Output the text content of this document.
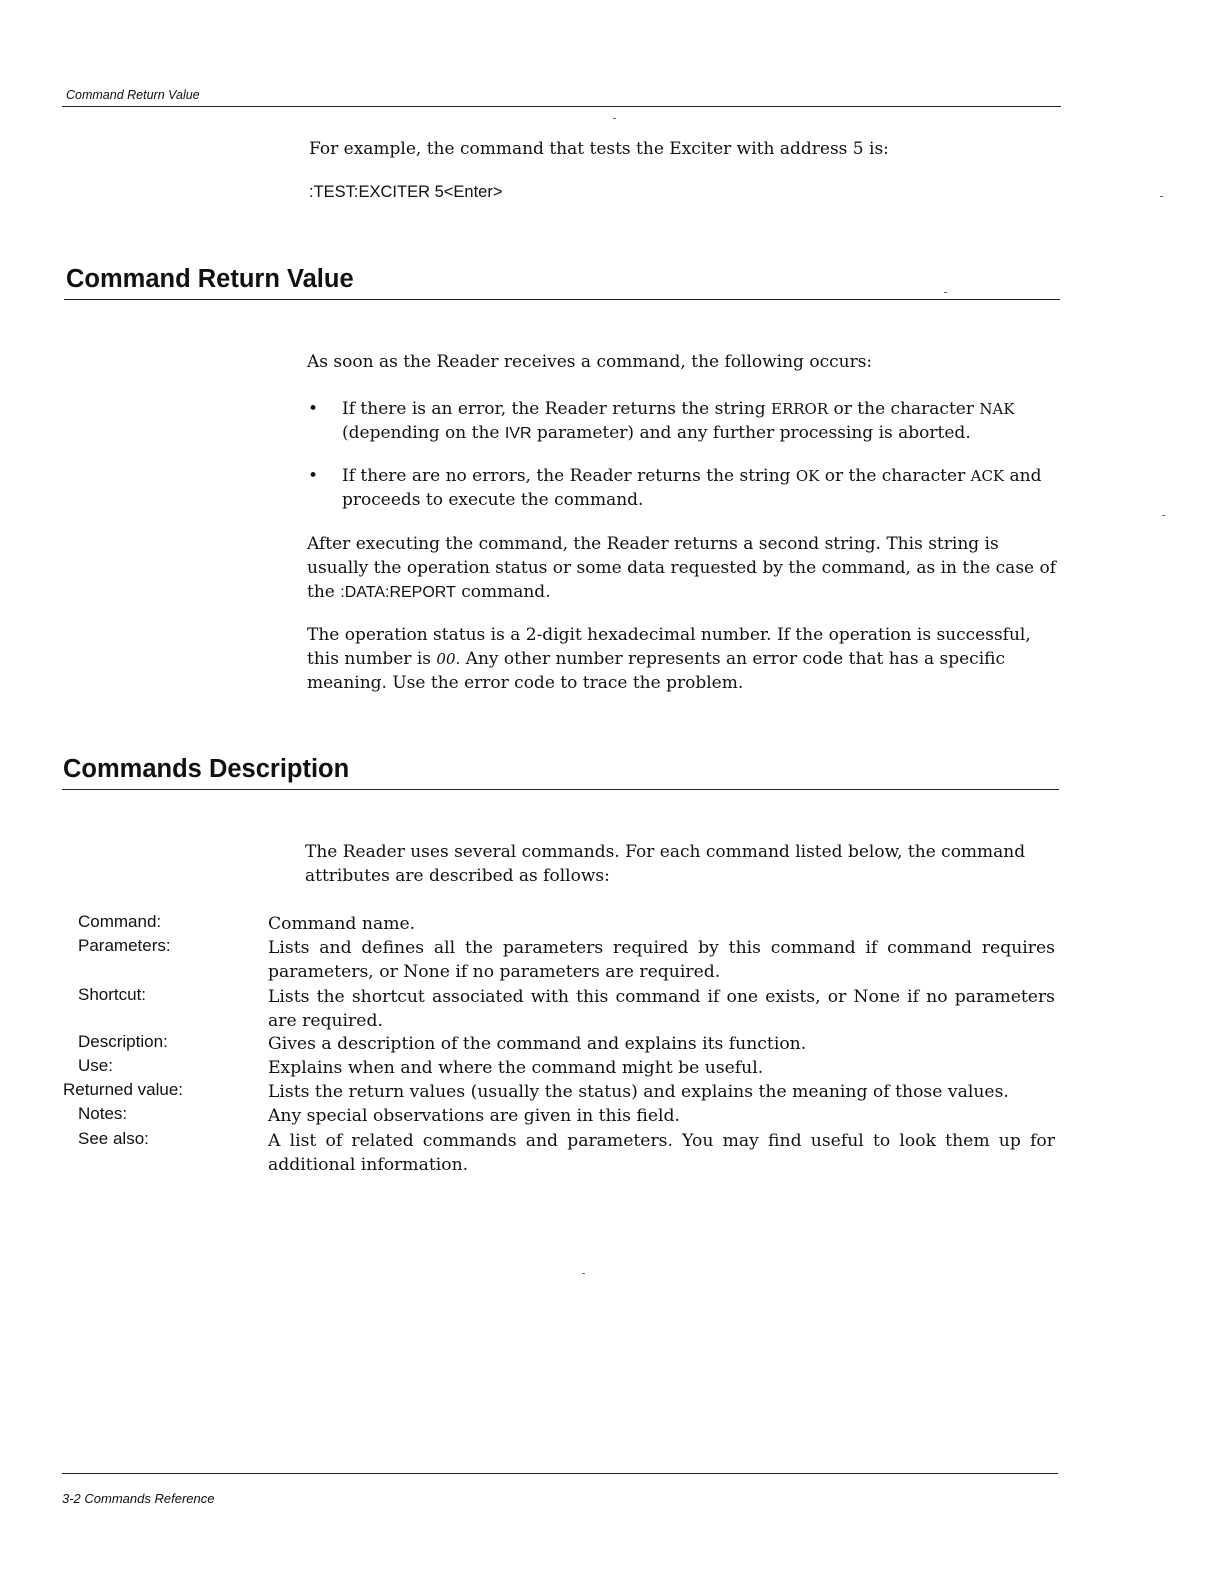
Command Return Value

For example, the command that tests the Exciter with address 5 is:

:TEST:EXCITER 5<Enter>
Command Return Value

As soon as the Reader receives a command, the following occurs:

• If there is an error, the Reader returns the string ERROR or the character NAK
(depending on the IVR parameter) and any further processing is aborted.
• If there are no errors, the Reader returns the string OK or the character ACK and
proceeds to execute the command.
After executing the command, the Reader returns a second string. This string is
usually the operation status or some data requested by the command, as in the case of
the :DATA:REPORT command.
The operation status is a 2-digit hexadecimal number. If the operation is successful,
this number is 00. Any other number represents an error code that has a specific
meaning. Use the error code to trace the problem.
Commands Description
The Reader uses several commands. For each command listed below, the command
attributes are described as follows:
Command:	Command name.
Parameters:	Lists and defines all the parameters required by this command if command requires parameters, or None if no parameters are required.
Shortcut:	Lists the shortcut associated with this command if one exists, or None if no parameters are required.
Description:	Gives a description of the command and explains its function.
Use:	Explains when and where the command might be useful.
Returned value:	Lists the return values (usually the status) and explains the meaning of those values.
Notes:	Any special observations are given in this field.
See also:	A list of related commands and parameters. You may find useful to look them up for additional information.
3-2 Commands Reference
